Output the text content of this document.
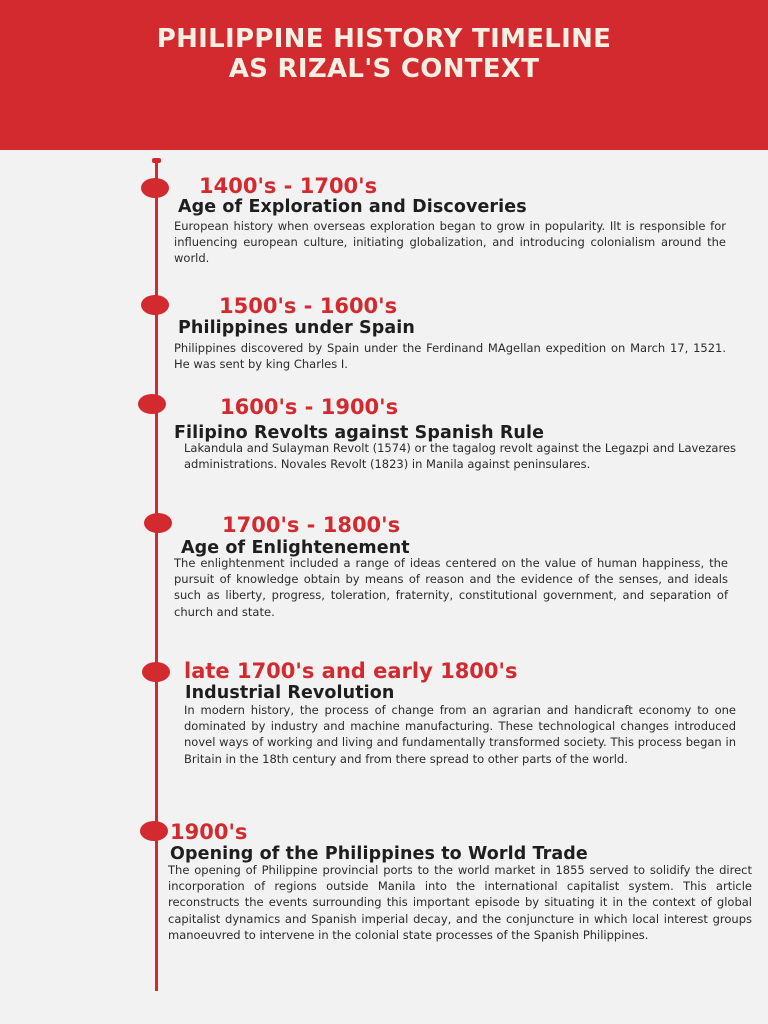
PHILIPPINE HISTORY TIMELINE
AS RIZAL'S CONTEXT
1400's - 1700's
Age of Exploration and Discoveries
European history when overseas exploration began to grow in popularity. Ilt is responsible for influencing european culture, initiating globalization, and introducing colonialism around the world.
1500's - 1600's
Philippines under Spain
Philippines discovered by Spain under the Ferdinand MAgellan expedition on March 17, 1521. He was sent by king Charles I.
1600's - 1900's
Filipino Revolts against Spanish Rule
Lakandula and Sulayman Revolt (1574) or the tagalog revolt against the Legazpi and Lavezares administrations. Novales Revolt (1823) in Manila against peninsulares.
1700's - 1800's
Age of Enlightenement
The enlightenment included a range of ideas centered on the value of human happiness, the pursuit of knowledge obtain by means of reason and the evidence of the senses, and ideals such as liberty, progress, toleration, fraternity, constitutional government, and separation of church and state.
late 1700's and early 1800's
Industrial Revolution
In modern history, the process of change from an agrarian and handicraft economy to one dominated by industry and machine manufacturing. These technological changes introduced novel ways of working and living and fundamentally transformed society. This process began in Britain in the 18th century and from there spread to other parts of the world.
1900's
Opening of the Philippines to World Trade
The opening of Philippine provincial ports to the world market in 1855 served to solidify the direct incorporation of regions outside Manila into the international capitalist system. This article reconstructs the events surrounding this important episode by situating it in the context of global capitalist dynamics and Spanish imperial decay, and the conjuncture in which local interest groups manoeuvred to intervene in the colonial state processes of the Spanish Philippines.
